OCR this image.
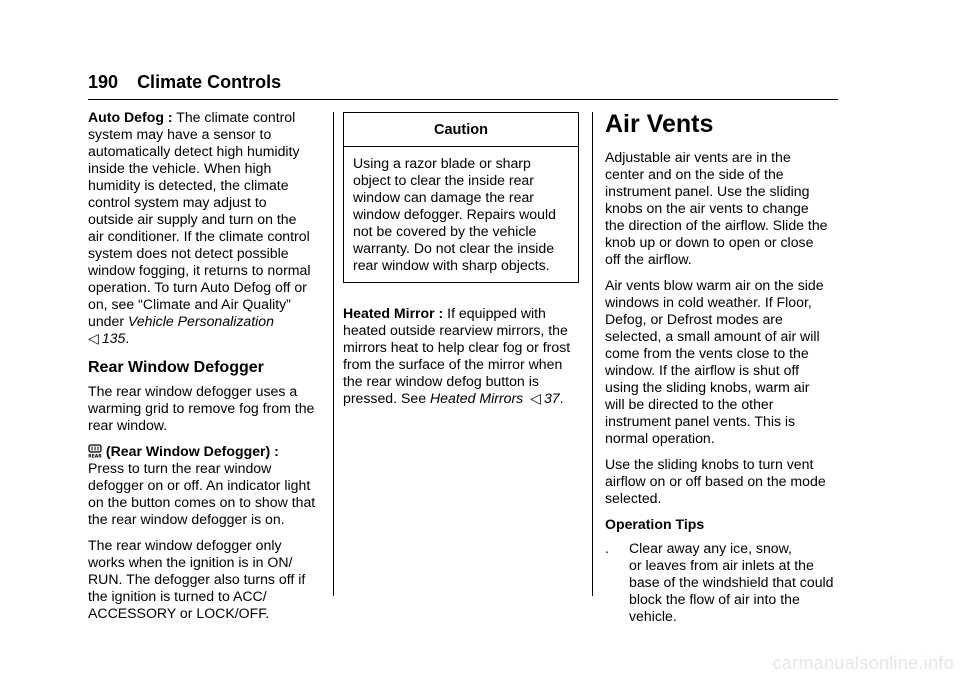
190 Climate Controls

Auto Defog : The climate control
system may have a sensor to
automatically detect high humidity
inside the vehicle. When high
humidity is detected, the climate
control system may adjust to
outside air supply and turn on the
air conditioner. If the climate control
system does not detect possible
window fogging, it returns to normal
operation. To turn Auto Defog off or
on, see “Climate and Air Quality”
under Vehicle Personalization
◁ 135.

Rear Window Defogger

The rear window defogger uses a
warming grid to remove fog from the
rear window.

REAR (Rear Window Defogger) :
Press to turn the rear window
defogger on or off. An indicator light
on the button comes on to show that
the rear window defogger is on.

The rear window defogger only
works when the ignition is in ON/
RUN. The defogger also turns off if
the ignition is turned to ACC/
ACCESSORY or LOCK/OFF.

Caution
Using a razor blade or sharp
object to clear the inside rear
window can damage the rear
window defogger. Repairs would
not be covered by the vehicle
warranty. Do not clear the inside
rear window with sharp objects.

Heated Mirror : If equipped with
heated outside rearview mirrors, the
mirrors heat to help clear fog or frost
from the surface of the mirror when
the rear window defog button is
pressed. See Heated Mirrors ◁ 37.

Air Vents

Adjustable air vents are in the
center and on the side of the
instrument panel. Use the sliding
knobs on the air vents to change
the direction of the airflow. Slide the
knob up or down to open or close
off the airflow.

Air vents blow warm air on the side
windows in cold weather. If Floor,
Defog, or Defrost modes are
selected, a small amount of air will
come from the vents close to the
window. If the airflow is shut off
using the sliding knobs, warm air
will be directed to the other
instrument panel vents. This is
normal operation.

Use the sliding knobs to turn vent
airflow on or off based on the mode
selected.

Operation Tips

.	Clear away any ice, snow,
or leaves from air inlets at the
base of the windshield that could
block the flow of air into the
vehicle.
carmanualsonline.info
